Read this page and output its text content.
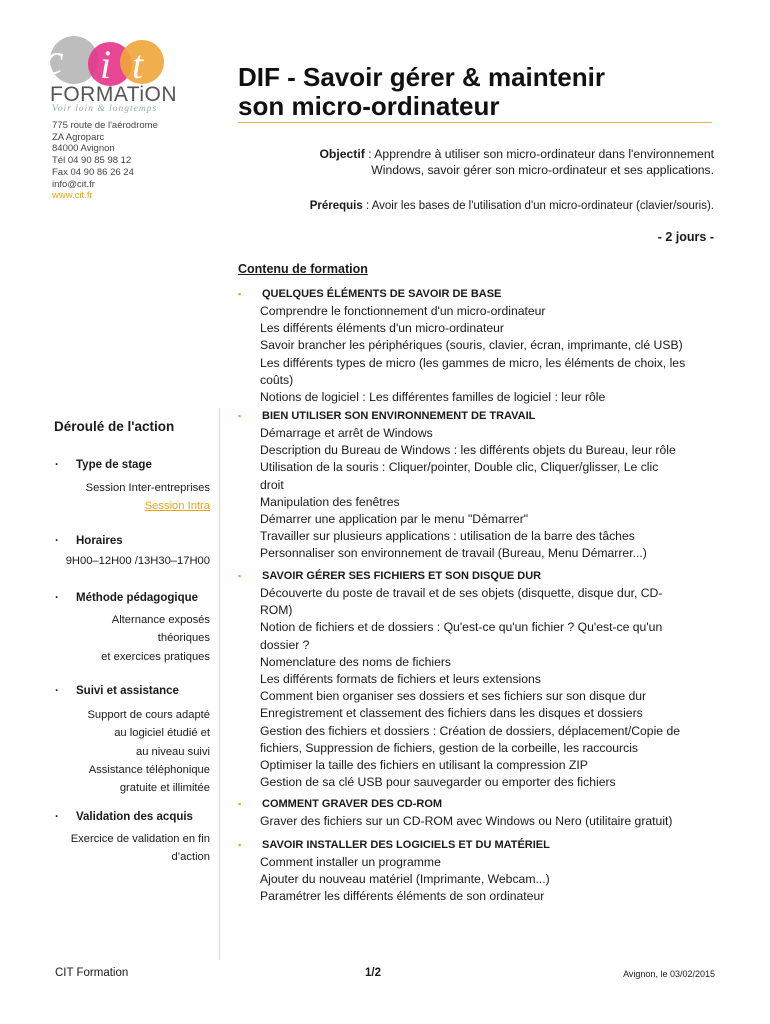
c i t
FORMATiON
Voir loin & longtemps
775 route de l'aérodrome
ZA Agroparc
84000 Avignon
Tél 04 90 85 98 12
Fax 04 90 86 26 24
info@cit.fr
www.cit.fr
DIF - Savoir gérer & maintenir
son micro-ordinateur
Objectif : Apprendre à utiliser son micro-ordinateur dans l'environnement
Windows, savoir gérer son micro-ordinateur et ses applications.
Prérequis : Avoir les bases de l'utilisation d'un micro-ordinateur (clavier/souris).
- 2 jours -
Contenu de formation
▪ QUELQUES ÉLÉMENTS DE SAVOIR DE BASE
Comprendre le fonctionnement d'un micro-ordinateur
Les différents éléments d'un micro-ordinateur
Savoir brancher les périphériques (souris, clavier, écran, imprimante, clé USB)
Les différents types de micro (les gammes de micro, les éléments de choix, les
coûts)
Notions de logiciel : Les différentes familles de logiciel : leur rôle
▪ BIEN UTILISER SON ENVIRONNEMENT DE TRAVAIL
Démarrage et arrêt de Windows
Description du Bureau de Windows : les différents objets du Bureau, leur rôle
Utilisation de la souris : Cliquer/pointer, Double clic, Cliquer/glisser, Le clic
droit
Manipulation des fenêtres
Démarrer une application par le menu "Démarrer"
Travailler sur plusieurs applications : utilisation de la barre des tâches
Personnaliser son environnement de travail (Bureau, Menu Démarrer...)
▪ SAVOIR GÉRER SES FICHIERS ET SON DISQUE DUR
Découverte du poste de travail et de ses objets (disquette, disque dur, CD-
ROM)
Notion de fichiers et de dossiers : Qu'est-ce qu'un fichier ? Qu'est-ce qu'un
dossier ?
Nomenclature des noms de fichiers
Les différents formats de fichiers et leurs extensions
Comment bien organiser ses dossiers et ses fichiers sur son disque dur
Enregistrement et classement des fichiers dans les disques et dossiers
Gestion des fichiers et dossiers : Création de dossiers, déplacement/Copie de
fichiers, Suppression de fichiers, gestion de la corbeille, les raccourcis
Optimiser la taille des fichiers en utilisant la compression ZIP
Gestion de sa clé USB pour sauvegarder ou emporter des fichiers
▪ COMMENT GRAVER DES CD-ROM
Graver des fichiers sur un CD-ROM avec Windows ou Nero (utilitaire gratuit)
▪ SAVOIR INSTALLER DES LOGICIELS ET DU MATÉRIEL
Comment installer un programme
Ajouter du nouveau matériel (Imprimante, Webcam...)
Paramétrer les différents éléments de son ordinateur
Déroulé de l'action
· Type de stage
Session Inter-entreprises
Session Intra
· Horaires
9H00–12H00 /13H30–17H00
· Méthode pédagogique
Alternance exposés
théoriques
et exercices pratiques
· Suivi et assistance
Support de cours adapté
au logiciel étudié et
au niveau suivi
Assistance téléphonique
gratuite et illimitée
· Validation des acquis
Exercice de validation en fin
d’action
CIT Formation	1/2	Avignon, le 03/02/2015
